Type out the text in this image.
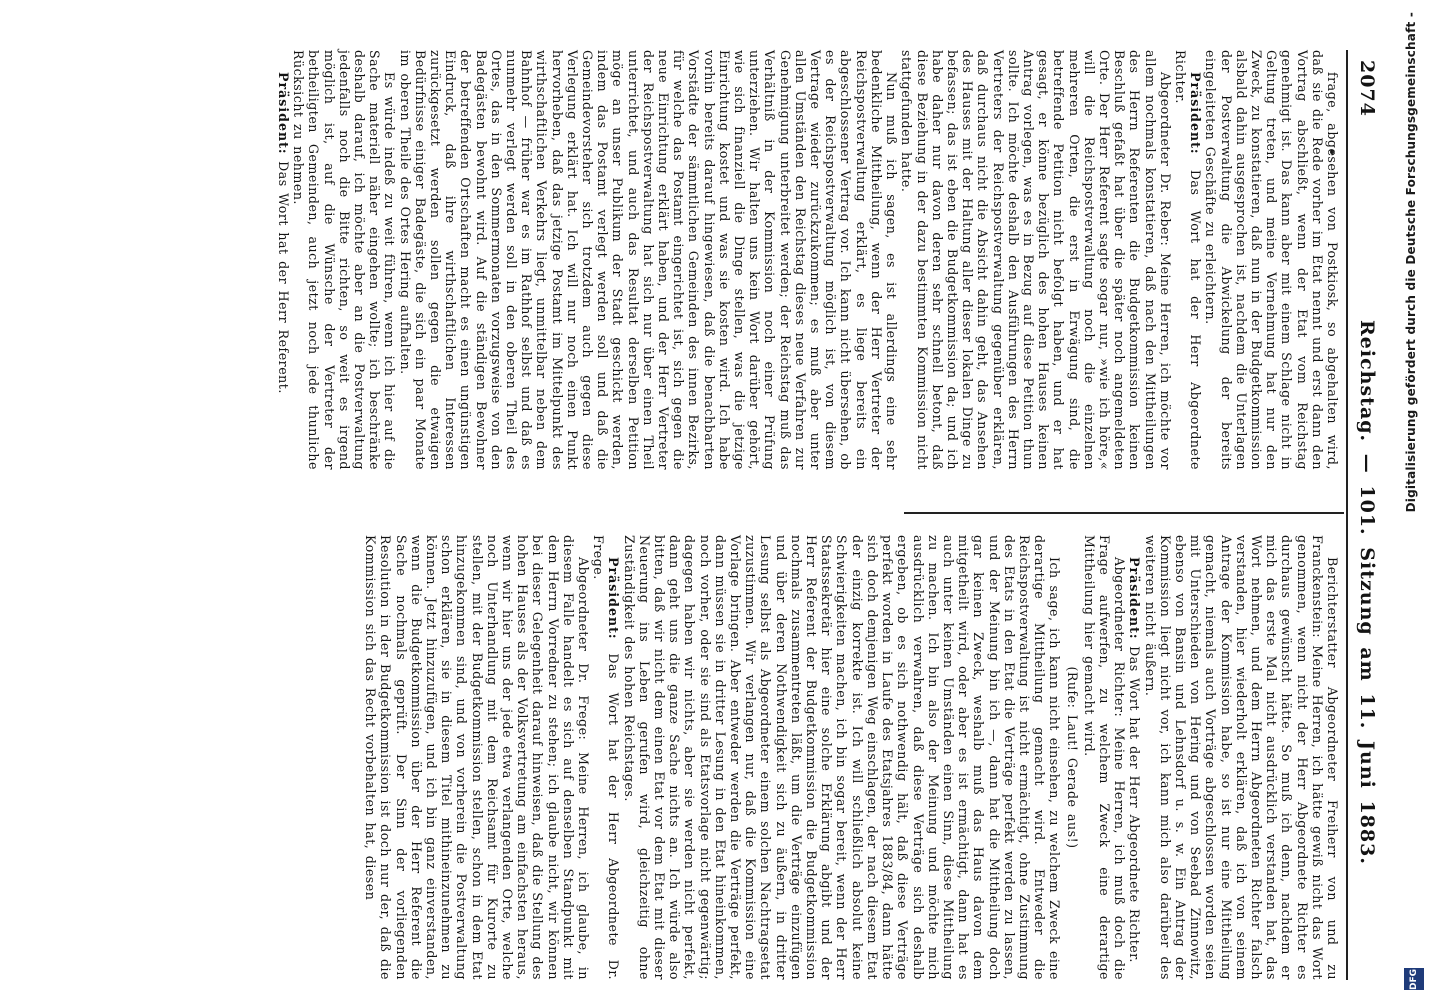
2074
Reichstag. — 101. Sitzung am 11. Juni 1883.

frage, abgesehen von Postkiosk, so abgehalten wird, daß sie die Rede vorher im Etat nennt und erst dann den Vortrag abschließt, wenn der Etat vom Reichstag genehmigt ist. Das kann aber mit einem Schlage nicht in Geltung treten, und meine Vernehmung hat nur den Zweck, zu konstatieren, daß nun in der Budgetkommission alsbald dahin ausgesprochen ist, nachdem die Unterlagen der Postverwaltung die Abwickelung der bereits eingeleiteten Geschäfte zu erleichtern.

Präsident: Das Wort hat der Herr Abgeordnete Richter.

Abgeordneter Dr. Reber: Meine Herren, ich möchte vor allem nochmals konstatieren, daß nach den Mittheilungen des Herrn Referenten die Budgetkommission keinen Beschluß gefaßt hat über die später noch angemeldeten Orte. Der Herr Referent sagte sogar nur, »wie ich höre,« will die Reichspostverwaltung noch die einzelnen mehreren Orten, die erst in Erwägung sind, die betreffende Petition nicht befolgt haben, und er hat gesagt, er könne bezüglich des hohen Hauses keinen Antrag vorlegen, was es in Bezug auf diese Petition thun sollte. Ich möchte deshalb den Ausführungen des Herrn Vertreters der Reichspostverwaltung gegenüber erklären, daß durchaus nicht die Absicht dahin geht, das Ansehen des Hauses mit der Haltung aller dieser lokalen Dinge zu befassen; das ist eben die Budgetkommission da; und ich habe daher nur davon deren sehr schnell betont, daß diese Beziehung in der dazu bestimmten Kommission nicht stattgefunden hatte.

Nun muß ich sagen, es ist allerdings eine sehr bedenkliche Mittheilung, wenn der Herr Vertreter der Reichspostverwaltung erklärt, es liege bereits ein abgeschlossener Vertrag vor. Ich kann nicht übersehen, ob es der Reichspostverwaltung möglich ist, von diesem Vertrage wieder zurückzukommen; es muß aber unter allen Umständen den Reichstag dieses neue Verfahren zur Genehmigung unterbreitet werden; der Reichstag muß das Verhältniß in der Kommission noch einer Prüfung unterziehen. Wir halten uns kein Wort darüber gehört, wie sich finanziell die Dinge stellen, was die jetzige Einrichtung kostet und was sie kosten wird. Ich habe vorhin bereits darauf hingewiesen, daß die benachbarten Vorstädte der sämmtlichen Gemeinden des innen Bezirks, für welche das Postamt eingerichtet ist, sich gegen die neue Einrichtung erklärt haben, und der Herr Vertreter der Reichspostverwaltung hat sich nur über einen Theil unterrichtet, und auch das Resultat derselben Petition möge an unser Publikum der Stadt geschickt werden, indem das Postamt verlegt werden soll und daß die Gemeindevorsteher sich trotzdem auch gegen diese Verlegung erklärt hat. Ich will nur noch einen Punkt hervorheben, daß das jetzige Postamt im Mittelpunkt des wirthschaftlichen Verkehrs liegt, unmittelbar neben dem Bahnhof — früher war es im Rathhof selbst und daß es nunmehr verlegt werden soll in den oberen Theil des Ortes, das in den Sommermonaten vorzugsweise von den Badegästen bewohnt wird. Auf die ständigen Bewohner der betreffenden Ortschaften macht es einen ungünstigen Eindruck, daß ihre wirthschaftlichen Interessen zurückgesetzt werden sollen gegen die etwaigen Bedürfnisse einiger Badegäste, die sich ein paar Monate im oberen Theile des Ortes Hering aufhalten.

Es würde indeß zu weit führen, wenn ich hier auf die Sache materiell näher eingehen wollte; ich beschränke deshalb darauf, ich möchte aber an die Postverwaltung jedenfalls noch die Bitte richten, so weit es irgend möglich ist, auf die Wünsche der Vertreter der betheiligten Gemeinden, auch jetzt noch jede thunliche Rücksicht zu nehmen.

Präsident: Das Wort hat der Herr Referent.

Berichterstatter Abgeordneter Freiherr von und zu Franckenstein: Meine Herren, ich hätte gewiß nicht das Wort genommen, wenn nicht der Herr Abgeordnete Richter es durchaus gewünscht hätte. So muß ich denn, nachdem er mich das erste Mal nicht ausdrücklich verstanden hat, das Wort nehmen, und dem Herrn Abgeordneten Richter falsch verstanden, hier wiederholt erklären, daß ich von seinem Antrage der Kommission habe, so ist nur eine Mittheilung gemacht, niemals auch Vorträge abgeschlossen worden seien mit Unterschieden von Hering und von Seebad Zinnowitz, ebenso von Bansin und Lehnsdorf u. s. w. Ein Antrag der Kommission liegt nicht vor, ich kann mich also darüber des weiteren nicht äußern.

Präsident: Das Wort hat der Herr Abgeordnete Richter.

Abgeordneter Richter: Meine Herren, ich muß doch die Frage aufwerfen, zu welchem Zweck eine derartige Mittheilung hier gemacht wird.

(Rufe: Laut! Gerade aus!)

Ich sage, ich kann nicht einsehen, zu welchem Zweck eine derartige Mittheilung gemacht wird. Entweder die Reichspostverwaltung ist nicht ermächtigt, ohne Zustimmung des Etats in den Etat die Verträge perfekt werden zu lassen, und der Meinung bin ich —, dann hat die Mittheilung doch gar keinen Zweck, weshalb muß das Haus davon dem mitgetheilt wird, oder aber es ist ermächtigt, dann hat es auch unter keinen Umständen einen Sinn, diese Mittheilung zu machen. Ich bin also der Meinung und möchte mich ausdrücklich verwahren, daß diese Verträge sich deshalb ergeben, ob es sich nothwendig hält, daß diese Verträge perfekt worden in Laufe des Etatsjahres 1883/84, dann hätte sich doch demjenigen Weg einschlagen, der nach diesem Etat der einzig korrekte ist. Ich will schließlich absolut keine Schwierigkeiten machen, ich bin sogar bereit, wenn der Herr Staatssekretär hier eine solche Erklärung abgibt und der Herr Referent der Budgetkommission die Budgetkommission nochmals zusammentreten läßt, um die Verträge einzufügen und über deren Nothwendigkeit sich zu äußern, in dritter Lesung selbst als Abgeordneter einem solchen Nachtragsetat zuzustimmen. Wir verlangen nur, daß die Kommission eine Vorlage bringen. Aber entweder werden die Verträge perfekt, dann müssen sie in dritter Lesung in den Etat hineinkommen, noch vorher, oder sie sind als Etatsvorlage nicht gegenwärtig; dagegen haben wir nichts, aber sie werden nicht perfekt, dann geht uns die ganze Sache nichts an. Ich würde also bitten, daß wir nicht dem einen Etat vor dem Etat mit dieser Neuerung ins Leben gerufen wird, gleichzeitig ohne Zuständigkeit des hohen Reichstages.

Präsident: Das Wort hat der Herr Abgeordnete Dr. Frege.

Abgeordneter Dr. Frege: Meine Herren, ich glaube, in diesem Falle handelt es sich auf denselben Standpunkt mit dem Herrn Vorredner zu stehen; ich glaube nicht, wir können bei dieser Gelegenheit darauf hinweisen, daß die Stellung des hohen Hauses als der Volksvertretung am einfachsten heraus, wenn wir hier uns der jede etwa verlangenden Orte, welche noch Unterhandlung mit dem Reichsamt für Kurorte zu stellen, mit der Budgetkommission stellen, schon in dem Etat hinzugekommen sind, und von vorherein die Postverwaltung schon erklären, sie in diesem Titel mithineinzunehmen zu können. Jetzt hinzuzufügen, und ich bin ganz einverstanden, wenn die Budgetkommission über der Herr Referent die Sache nochmals geprüft. Der Sinn der vorliegenden Resolution in der Budgetkommission ist doch nur der, daß die Kommission sich das Recht vorbehalten hat, diesen

Digitalisierung gefördert durch die Deutsche Forschungsgemeinschaft -
DFG
